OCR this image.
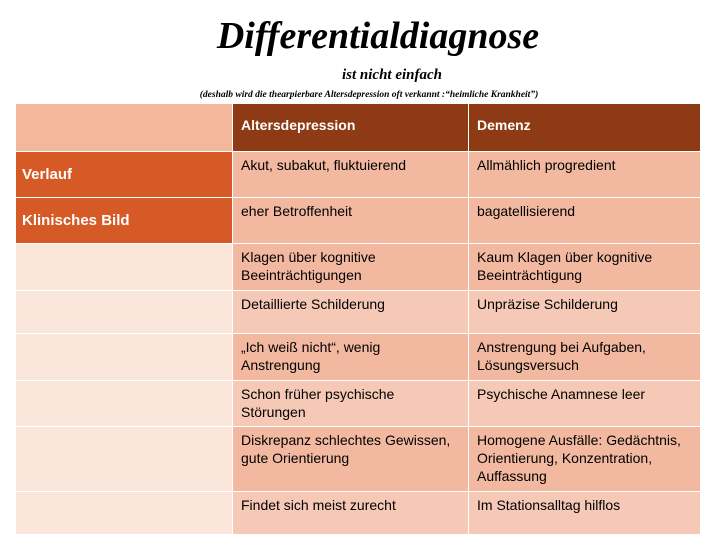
Differentialdiagnose
ist nicht einfach
(deshalb wird die thearpierbare Altersdepression oft verkannt :“heimliche Krankheit”)
	Altersdepression	Demenz
Verlauf	Akut, subakut, fluktuierend	Allmählich progredient
Klinisches Bild	eher Betroffenheit	bagatellisierend
	Klagen über kognitive Beeinträchtigungen	Kaum Klagen über kognitive Beeinträchtigung
	Detaillierte Schilderung	Unpräzise Schilderung
	„Ich weiß nicht“, wenig Anstrengung	Anstrengung bei Aufgaben, Lösungsversuch
	Schon früher psychische Störungen	Psychische Anamnese leer
	Diskrepanz schlechtes Gewissen, gute Orientierung	Homogene Ausfälle: Gedächtnis, Orientierung, Konzentration, Auffassung
	Findet sich meist zurecht	Im Stationsalltag hilflos
